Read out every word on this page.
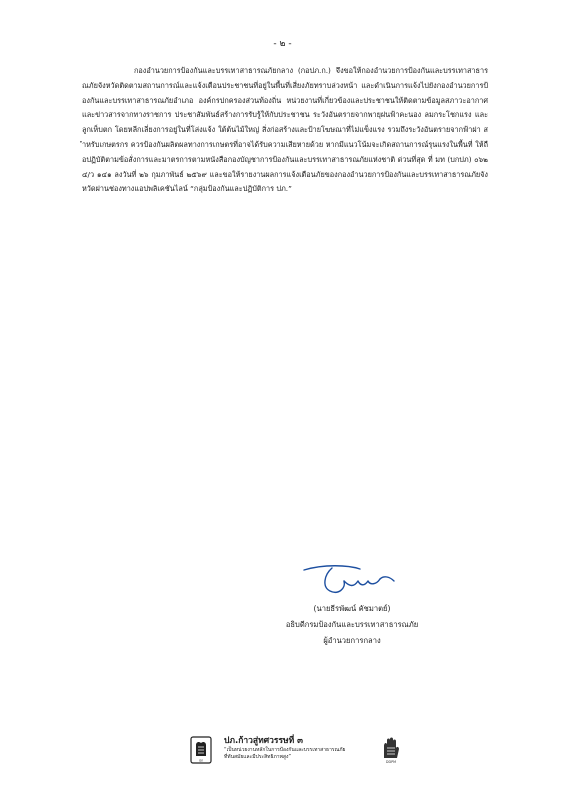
- ๒ -

กองอำนวยการป้องกันและบรรเทาสาธารณภัยกลาง (กอปภ.ก.) จึงขอให้กองอำนวยการป้องกันและบรรเทาสาธารณภัยจังหวัดติดตามสถานการณ์และแจ้งเตือนประชาชนที่อยู่ในพื้นที่เสี่ยงภัยทราบล่วงหน้า และดำเนินการแจ้งไปยังกองอำนวยการป้องกันและบรรเทาสาธารณภัยอำเภอ องค์กรปกครองส่วนท้องถิ่น หน่วยงานที่เกี่ยวข้องและประชาชนให้ติดตามข้อมูลสภาวะอากาศ และข่าวสารจากทางราชการ ประชาสัมพันธ์สร้างการรับรู้ให้กับประชาชน ระวังอันตรายจากพายุฝนฟ้าคะนอง ลมกระโชกแรง และลูกเห็บตก โดยหลีกเลี่ยงการอยู่ในที่โล่งแจ้ง ใต้ต้นไม้ใหญ่ สิ่งก่อสร้างและป้ายโฆษณาที่ไม่แข็งแรง รวมถึงระวังอันตรายจากฟ้าผ่า สำหรับเกษตรกร ควรป้องกันผลิตผลทางการเกษตรที่อาจได้รับความเสียหายด้วย หากมีแนวโน้มจะเกิดสถานการณ์รุนแรงในพื้นที่ ให้ถือปฏิบัติตามข้อสั่งการและมาตรการตามหนังสือกองบัญชาการป้องกันและบรรเทาสาธารณภัยแห่งชาติ ด่วนที่สุด ที่ มท (บกปภ) ๐๖๒๔/ว ๑๔๑ ลงวันที่ ๒๖ กุมภาพันธ์ ๒๕๖๙ และขอให้รายงานผลการแจ้งเตือนภัยของกองอำนวยการป้องกันและบรรเทาสาธารณภัยจังหวัดผ่านช่องทางแอปพลิเคชันไลน์ “กลุ่มป้องกันและปฏิบัติการ ปภ.”

(นายธีรพัฒน์ คัชมาตย์)
อธิบดีกรมป้องกันและบรรเทาสาธารณภัย
ผู้อำนวยการกลาง
ปภ
ปภ.ก้าวสู่ทศวรรษที่ ๓
“เป็นหน่วยงานหลักในการป้องกันและบรรเทาสาธารณภัย
ที่ทันสมัยและมีประสิทธิภาพสูง”
DDPM
